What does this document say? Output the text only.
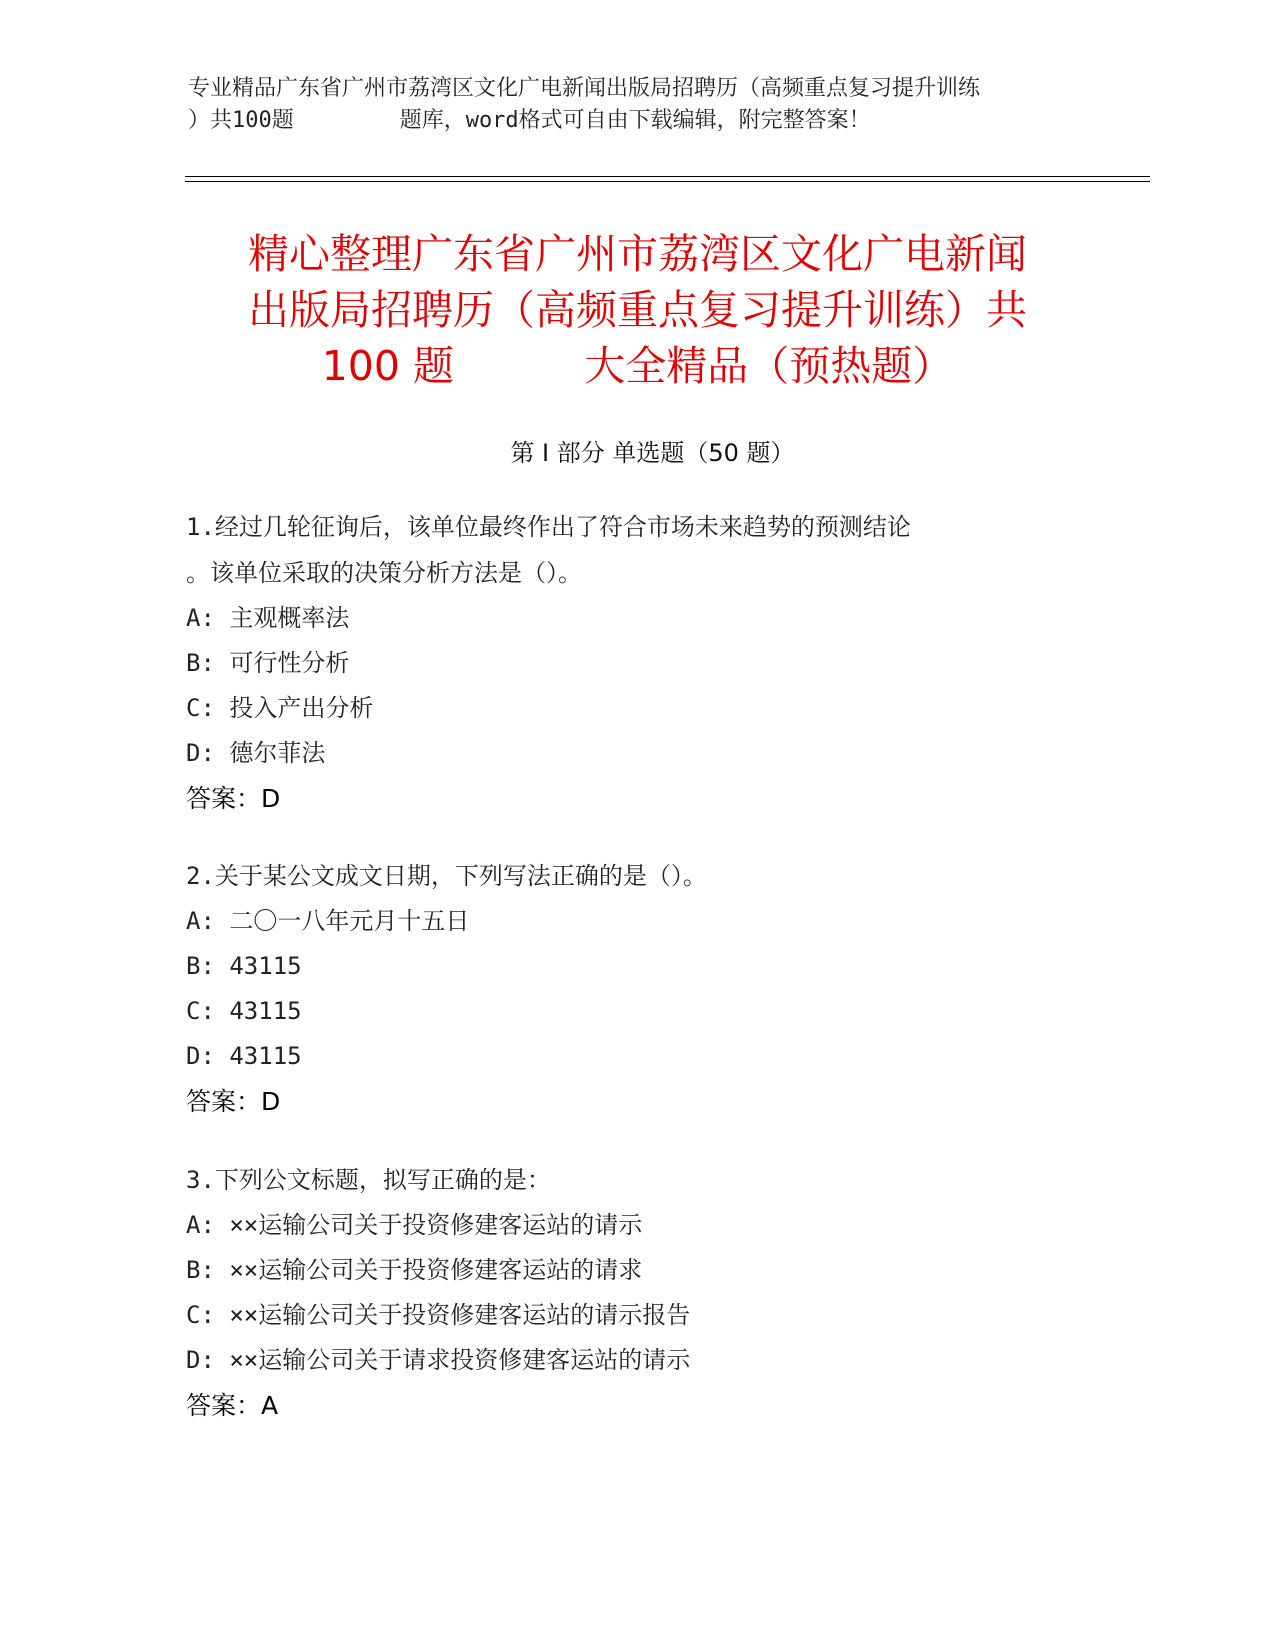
专业精品广东省广州市荔湾区文化广电新闻出版局招聘历（高频重点复习提升训练
）共100题        题库，word格式可自由下载编辑，附完整答案！
精心整理广东省广州市荔湾区文化广电新闻
出版局招聘历（高频重点复习提升训练）共
100 题          大全精品（预热题）
第 I 部分 单选题（50 题）
1.经过几轮征询后，该单位最终作出了符合市场未来趋势的预测结论
。该单位采取的决策分析方法是（）。
A: 主观概率法
B: 可行性分析
C: 投入产出分析
D: 德尔菲法
答案：D
2.关于某公文成文日期，下列写法正确的是（）。
A: 二〇一八年元月十五日
B: 43115
C: 43115
D: 43115
答案：D
3.下列公文标题，拟写正确的是：
A: ××运输公司关于投资修建客运站的请示
B: ××运输公司关于投资修建客运站的请求
C: ××运输公司关于投资修建客运站的请示报告
D: ××运输公司关于请求投资修建客运站的请示
答案：A
